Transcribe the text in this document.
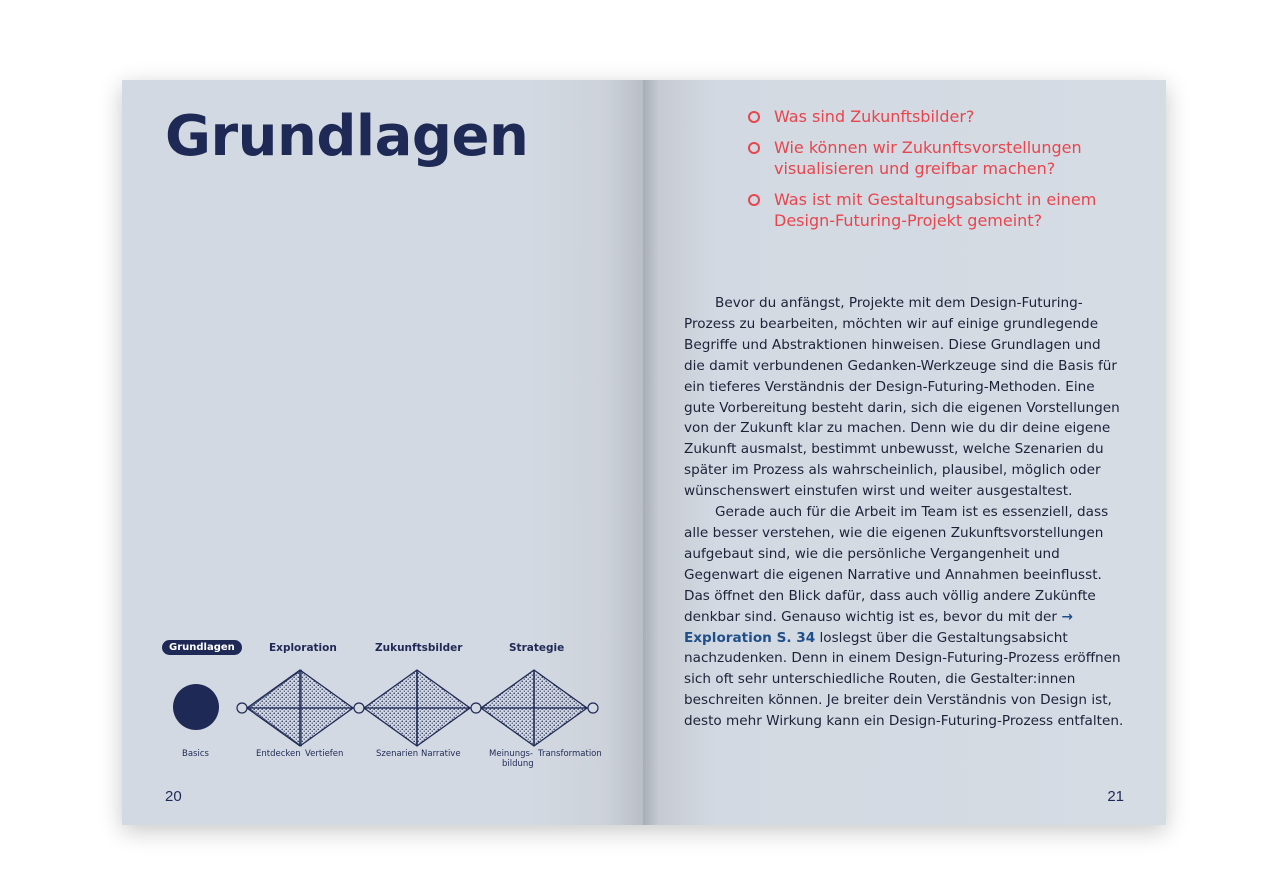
Grundlagen
Grundlagen	Exploration	Zukunftsbilder	Strategie
Basics	Entdecken Vertiefen	Szenarien Narrative	Meinungs-
bildung
Transformation
20
Was sind Zukunftsbilder?
Wie können wir Zukunftsvorstellungen visualisieren und greifbar machen?
Was ist mit Gestaltungsabsicht in einem Design-Futuring-Projekt gemeint?

Bevor du anfängst, Projekte mit dem Design-Futuring-Prozess zu bearbeiten, möchten wir auf einige grundlegende Begriffe und Abstraktionen hinweisen. Diese Grundlagen und die damit verbundenen Gedanken-Werkzeuge sind die Basis für ein tieferes Verständnis der Design-Futuring-Methoden. Eine gute Vorbereitung besteht darin, sich die eigenen Vorstellungen von der Zukunft klar zu machen. Denn wie du dir deine eigene Zukunft ausmalst, bestimmt unbewusst, welche Szenarien du später im Prozess als wahrscheinlich, plausibel, möglich oder wünschenswert einstufen wirst und weiter ausgestaltest.

Gerade auch für die Arbeit im Team ist es essenziell, dass alle besser verstehen, wie die eigenen Zukunftsvorstellungen aufgebaut sind, wie die persönliche Vergangenheit und Gegenwart die eigenen Narrative und Annahmen beeinflusst. Das öffnet den Blick dafür, dass auch völlig andere Zukünfte denkbar sind. Genauso wichtig ist es, bevor du mit der → Exploration S. 34 loslegst über die Gestaltungsabsicht nachzudenken. Denn in einem Design-Futuring-Prozess eröffnen sich oft sehr unterschiedliche Routen, die Gestalter:innen beschreiten können. Je breiter dein Verständnis von Design ist, desto mehr Wirkung kann ein Design-Futuring-Prozess entfalten.

21
